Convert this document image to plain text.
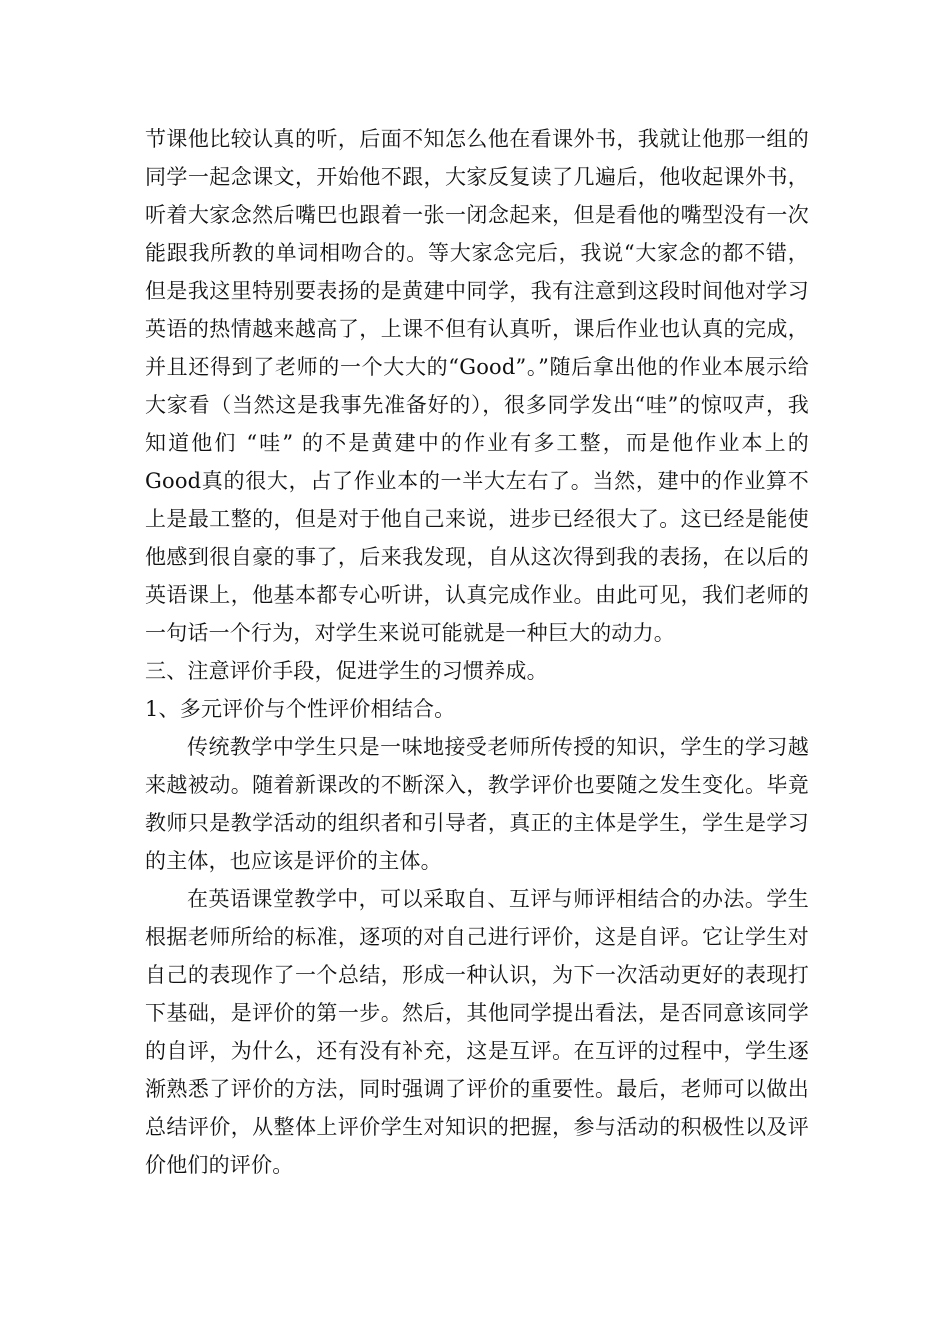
节课他比较认真的听，后面不知怎么他在看课外书，我就让他那一组的同学一起念课文，开始他不跟，大家反复读了几遍后，他收起课外书，听着大家念然后嘴巴也跟着一张一闭念起来，但是看他的嘴型没有一次能跟我所教的单词相吻合的。等大家念完后，我说“大家念的都不错，但是我这里特别要表扬的是黄建中同学，我有注意到这段时间他对学习英语的热情越来越高了，上课不但有认真听，课后作业也认真的完成，并且还得到了老师的一个大大的“Good”。”随后拿出他的作业本展示给大家看（当然这是我事先准备好的），很多同学发出“哇”的惊叹声，我知道他们 “哇” 的不是黄建中的作业有多工整，而是他作业本上的Good真的很大，占了作业本的一半大左右了。当然，建中的作业算不上是最工整的，但是对于他自己来说，进步已经很大了。这已经是能使他感到很自豪的事了，后来我发现，自从这次得到我的表扬，在以后的英语课上，他基本都专心听讲，认真完成作业。由此可见，我们老师的一句话一个行为，对学生来说可能就是一种巨大的动力。

三、注意评价手段，促进学生的习惯养成。

1、多元评价与个性评价相结合。

传统教学中学生只是一味地接受老师所传授的知识，学生的学习越来越被动。随着新课改的不断深入，教学评价也要随之发生变化。毕竟教师只是教学活动的组织者和引导者，真正的主体是学生，学生是学习的主体，也应该是评价的主体。

在英语课堂教学中，可以采取自、互评与师评相结合的办法。学生根据老师所给的标准，逐项的对自己进行评价，这是自评。它让学生对自己的表现作了一个总结，形成一种认识，为下一次活动更好的表现打下基础，是评价的第一步。然后，其他同学提出看法，是否同意该同学的自评，为什么，还有没有补充，这是互评。在互评的过程中，学生逐渐熟悉了评价的方法，同时强调了评价的重要性。最后，老师可以做出总结评价，从整体上评价学生对知识的把握，参与活动的积极性以及评价他们的评价。
